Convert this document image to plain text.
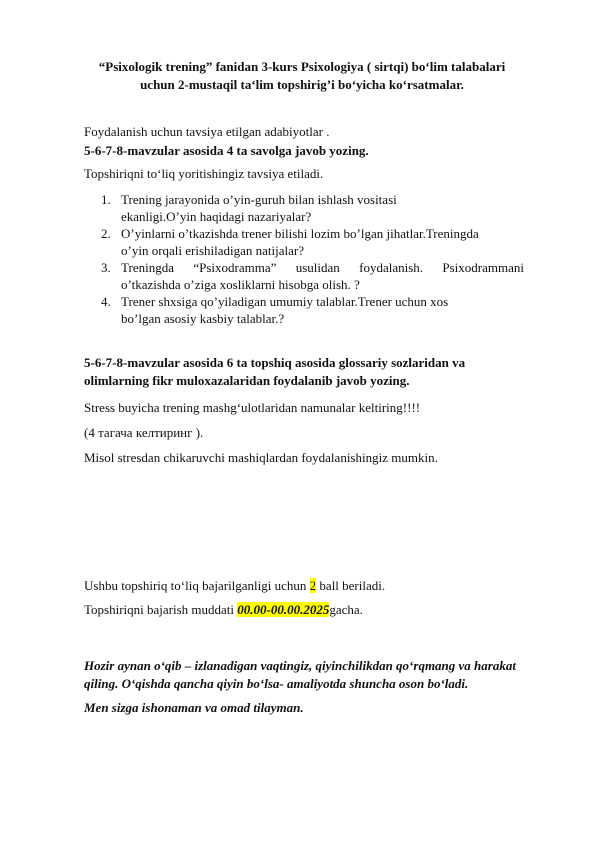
“Psixologik trening” fanidan 3-kurs Psixologiya ( sirtqi) bo‘lim talabalari
uchun 2-mustaqil ta‘lim topshirig’i bo‘yicha ko‘rsatmalar.
Foydalanish uchun tavsiya etilgan adabiyotlar .
5-6-7-8-mavzular asosida 4 ta savolga javob yozing.
Topshiriqni to‘liq yoritishingiz tavsiya etiladi.
1. Trening jarayonida o’yin-guruh bilan ishlash vositasi
ekanligi.O’yin haqidagi nazariyalar?
2. O’yinlarni o’tkazishda trener bilishi lozim bo’lgan jihatlar.Treningda
o’yin orqali erishiladigan natijalar?
3. Treningda “Psixodramma” usulidan foydalanish. Psixodrammani
o’tkazishda o’ziga xosliklarni hisobga olish. ?
4. Trener shxsiga qo’yiladigan umumiy talablar.Trener uchun xos
bo’lgan asosiy kasbiy talablar.?
5-6-7-8-mavzular asosida 6 ta topshiq asosida glossariy sozlaridan va
olimlarning fikr muloxazalaridan foydalanib javob yozing.
Stress buyicha trening mashg‘ulotlaridan namunalar keltiring!!!!
(4 тагача келтиринг ).
Misol stresdan chikaruvchi mashiqlardan foydalanishingiz mumkin.
Ushbu topshiriq to‘liq bajarilganligi uchun 2 ball beriladi.
Topshiriqni bajarish muddati 00.00-00.00.2025gacha.
Hozir aynan o‘qib – izlanadigan vaqtingiz, qiyinchilikdan qo‘rqmang va harakat
qiling. O‘qishda qancha qiyin bo‘lsa- amaliyotda shuncha oson bo‘ladi.
Men sizga ishonaman va omad tilayman.
